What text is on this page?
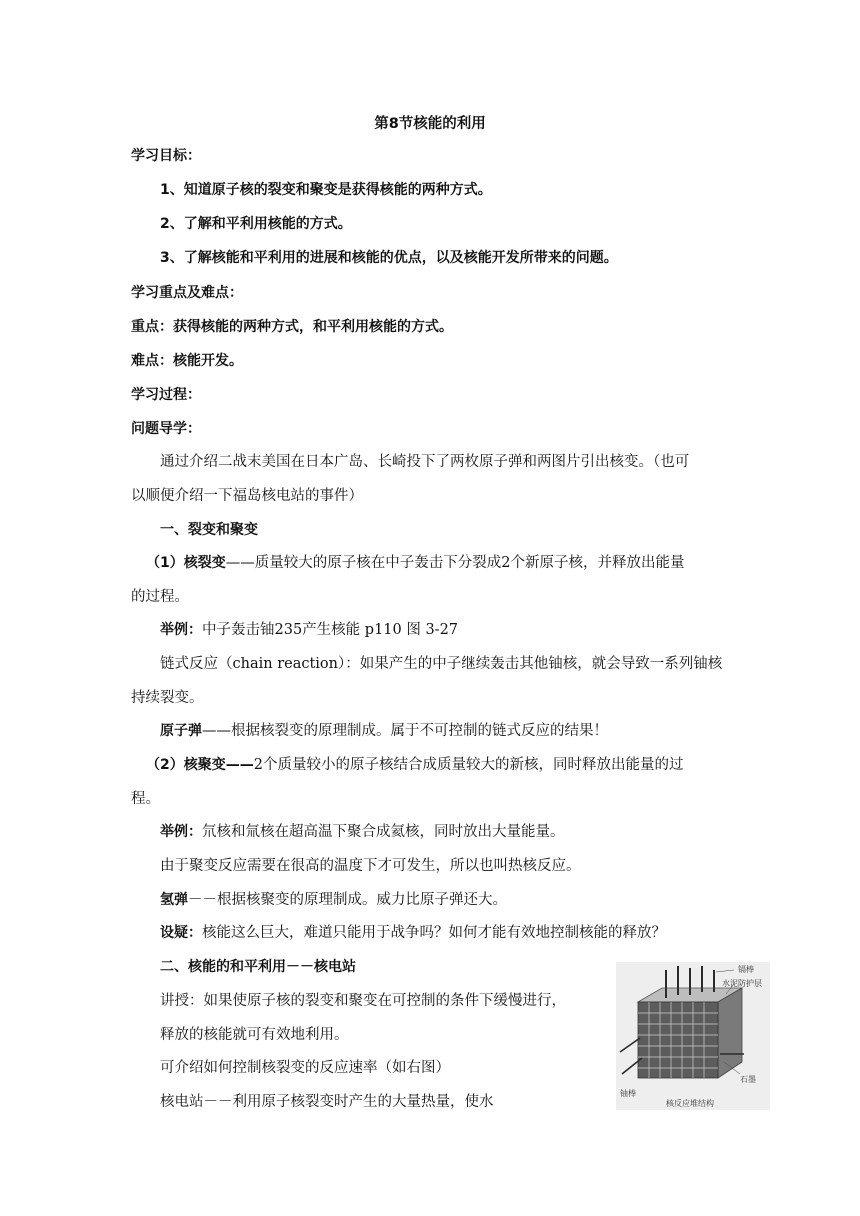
第8节核能的利用
学习目标：
1、知道原子核的裂变和聚变是获得核能的两种方式。
2、了解和平利用核能的方式。
3、了解核能和平利用的进展和核能的优点，以及核能开发所带来的问题。
学习重点及难点：
重点：获得核能的两种方式，和平利用核能的方式。
难点：核能开发。
学习过程：
问题导学：
通过介绍二战末美国在日本广岛、长崎投下了两枚原子弹和两图片引出核变。（也可
以顺便介绍一下福岛核电站的事件）
一、裂变和聚变
（1）核裂变——质量较大的原子核在中子轰击下分裂成2个新原子核，并释放出能量
的过程。
举例：中子轰击铀235产生核能 p110 图 3-27
链式反应（chain reaction）：如果产生的中子继续轰击其他铀核，就会导致一系列铀核
持续裂变。
原子弹——根据核裂变的原理制成。属于不可控制的链式反应的结果！
（2）核聚变——2个质量较小的原子核结合成质量较大的新核，同时释放出能量的过
程。
举例：氘核和氚核在超高温下聚合成氦核，同时放出大量能量。
由于聚变反应需要在很高的温度下才可发生，所以也叫热核反应。
氢弹－－根据核聚变的原理制成。威力比原子弹还大。
设疑：核能这么巨大，难道只能用于战争吗？如何才能有效地控制核能的释放？
二、核能的和平利用－－核电站
讲授：如果使原子核的裂变和聚变在可控制的条件下缓慢进行，
释放的核能就可有效地利用。
可介绍如何控制核裂变的反应速率（如右图）
核电站－－利用原子核裂变时产生的大量热量，使水
镉棒
水泥防护层
石墨
铀棒
核反应堆结构
